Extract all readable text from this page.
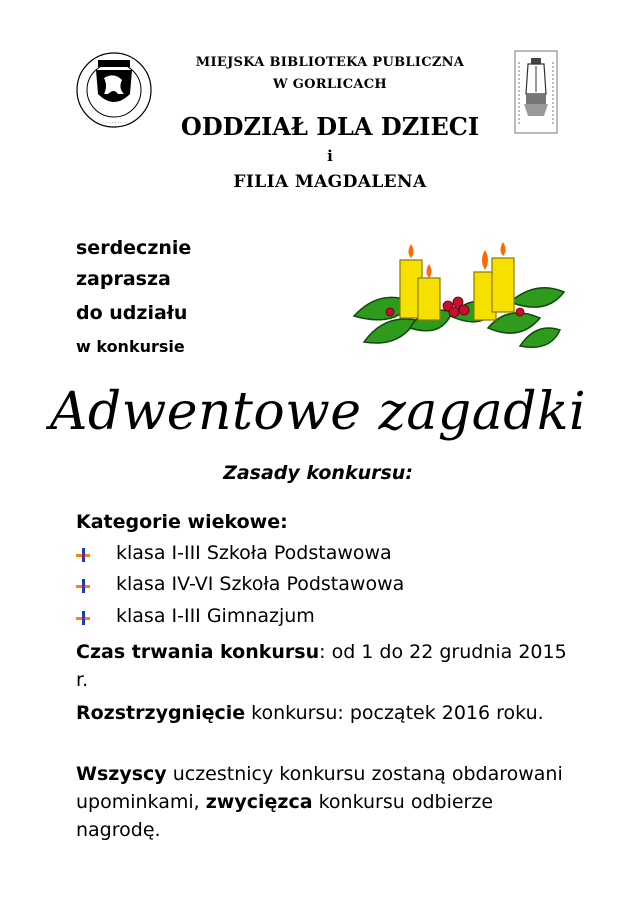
· · · · · · · ·
MIEJSKA BIBLIOTEKA PUBLICZNA
W GORLICACH
ODDZIAŁ DLA DZIECI
i
FILIA MAGDALENA
serdecznie
zaprasza
do udziału
w konkursie
Adwentowe zagadki
Zasady konkursu:
Kategorie wiekowe:
klasa I-III Szkoła Podstawowa
klasa IV-VI Szkoła Podstawowa
klasa I-III Gimnazjum
Czas trwania konkursu: od 1 do 22 grudnia 2015 r.
Rozstrzygnięcie konkursu: początek 2016 roku.
Wszyscy uczestnicy konkursu zostaną obdarowani upominkami, zwycięzca konkursu odbierze nagrodę.
